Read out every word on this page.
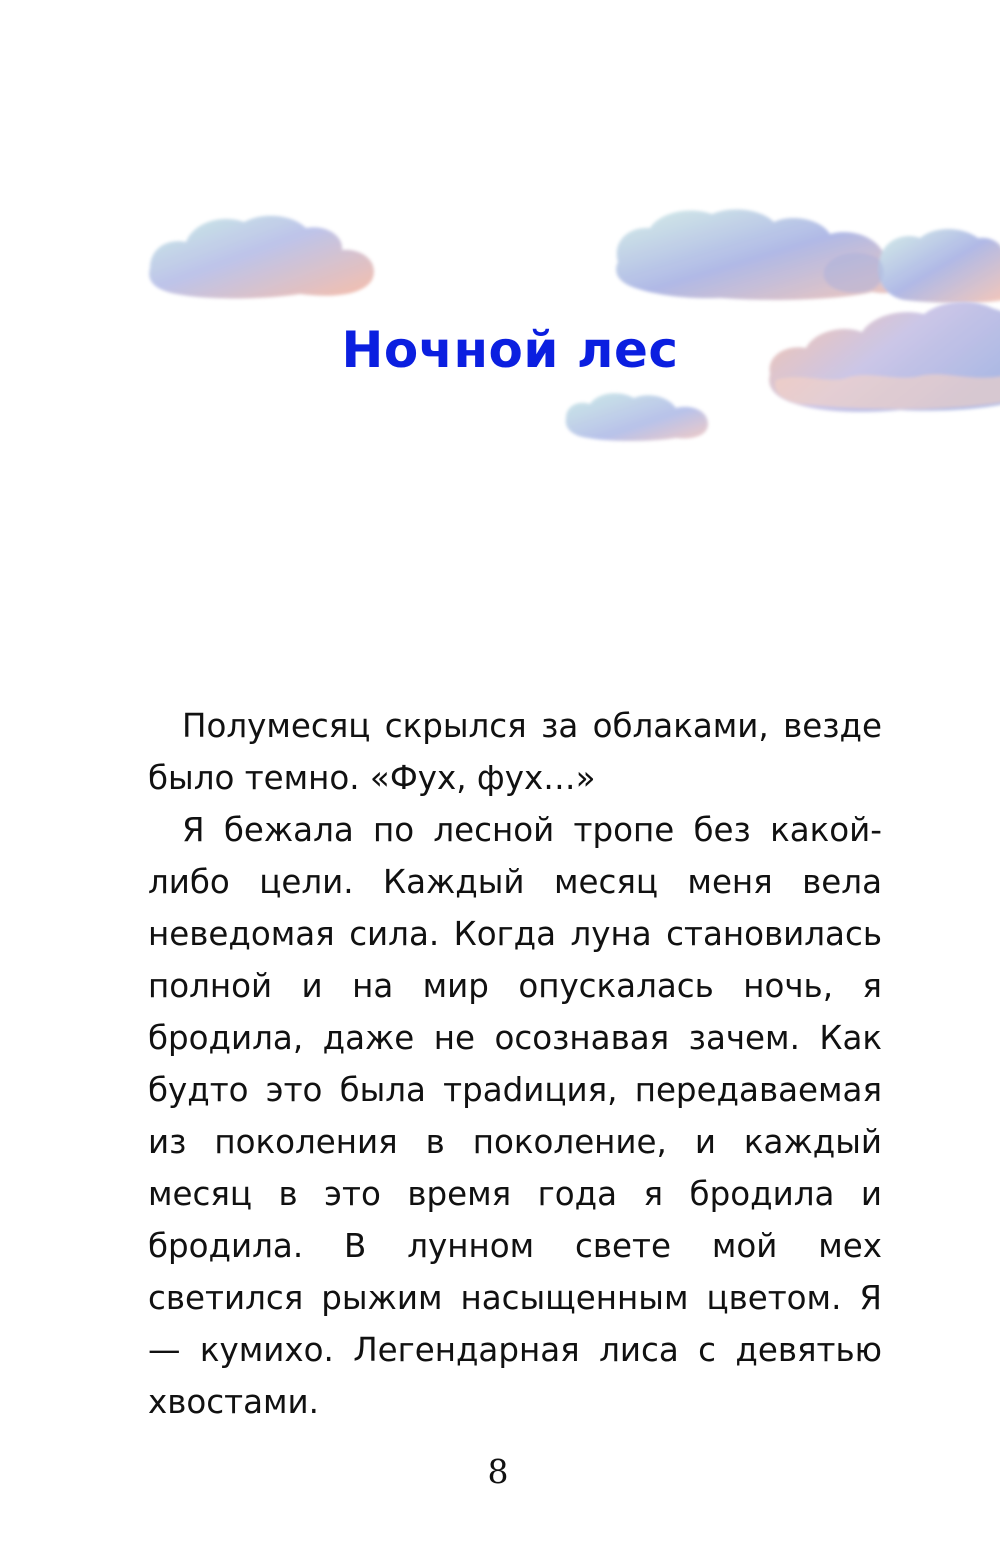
Ночной лес

Полумесяц скрылся за облаками, везде было темно. «Фух, фух…»

Я бежала по лесной тропе без какой-либо цели. Каждый месяц меня вела неведомая сила. Когда луна становилась полной и на мир опускалась ночь, я бродила, даже не осознавая зачем. Как будто это была траdиция, передаваемая из поколения в поколение, и каждый месяц в это время года я бродила и бродила. В лунном свете мой мех светился рыжим насыщенным цветом. Я — кумихо. Легендарная лиса с девятью хвостами.

8
